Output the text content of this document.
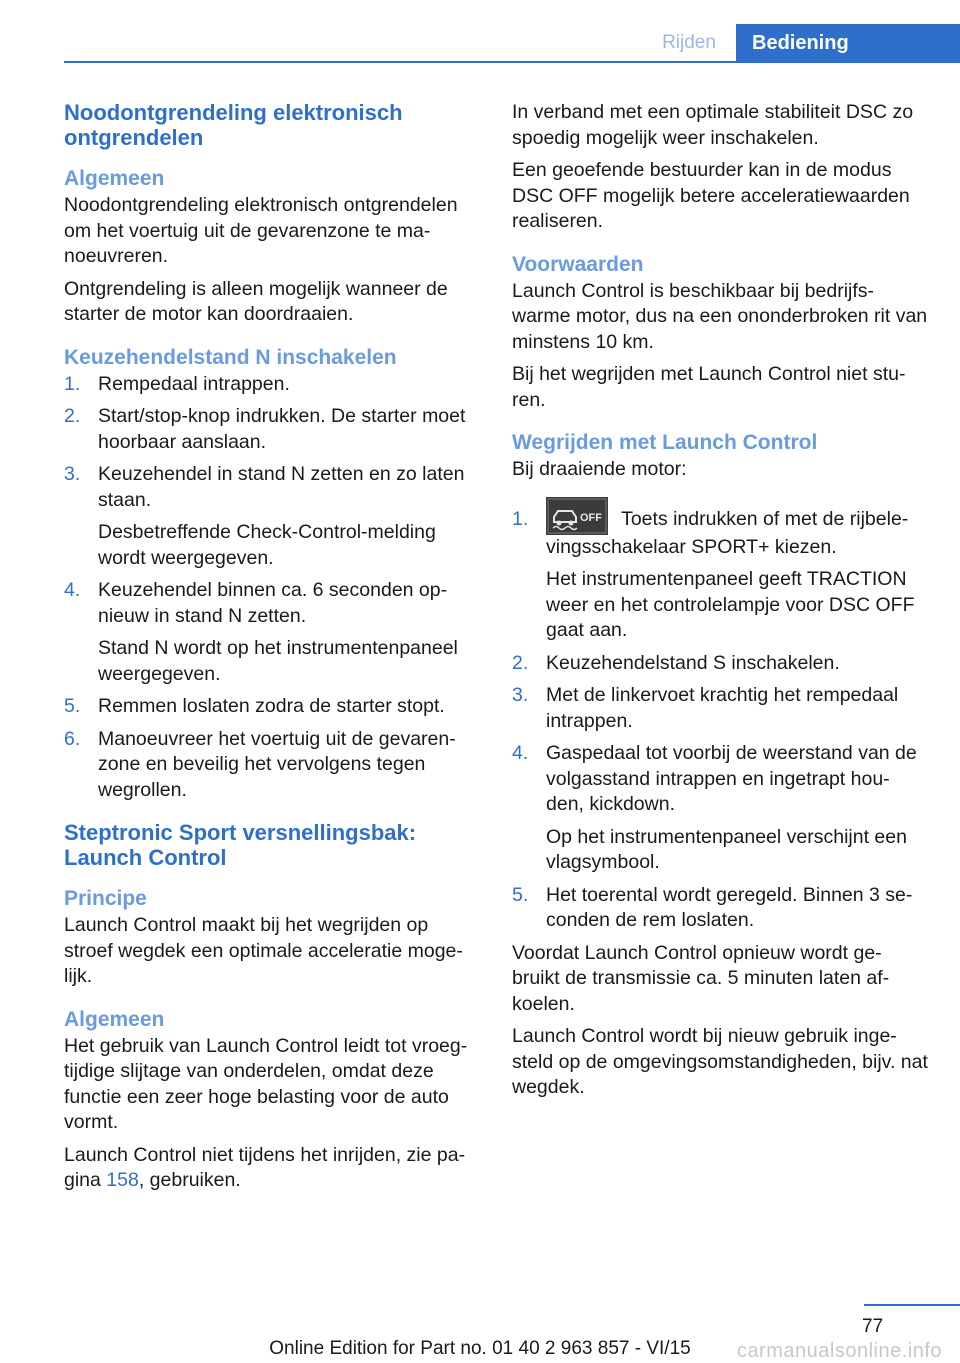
Rijden	Bediening
Noodontgrendeling elektronisch ontgrendelen
Algemeen

Noodontgrendeling elektronisch ontgrendelen om het voertuig uit de gevarenzone te ma‐ noeuvreren.

Ontgrendeling is alleen mogelijk wanneer de starter de motor kan doordraaien.

Keuzehendelstand N inschakelen
1. Rempedaal intrappen.
2. Start/stop-knop indrukken. De starter moet hoorbaar aanslaan.
3. Keuzehendel in stand N zetten en zo laten staan.
Desbetreffende Check-Control-melding wordt weergegeven.
4. Keuzehendel binnen ca. 6 seconden op‐ nieuw in stand N zetten.
Stand N wordt op het instrumentenpaneel weergegeven.
5. Remmen loslaten zodra de starter stopt.
6. Manoeuvreer het voertuig uit de gevaren‐ zone en beveilig het vervolgens tegen wegrollen.
Steptronic Sport versnellingsbak: Launch Control
Principe

Launch Control maakt bij het wegrijden op stroef wegdek een optimale acceleratie moge‐ lijk.

Algemeen

Het gebruik van Launch Control leidt tot vroeg‐ tijdige slijtage van onderdelen, omdat deze functie een zeer hoge belasting voor de auto vormt.

Launch Control niet tijdens het inrijden, zie pa‐ gina 158, gebruiken.

In verband met een optimale stabiliteit DSC zo spoedig mogelijk weer inschakelen.

Een geoefende bestuurder kan in de modus DSC OFF mogelijk betere acceleratiewaarden realiseren.

Voorwaarden

Launch Control is beschikbaar bij bedrijfs‐ warme motor, dus na een ononderbroken rit van minstens 10 km.

Bij het wegrijden met Launch Control niet stu‐ ren.

Wegrijden met Launch Control

Bij draaiende motor:

1.	OFF Toets indrukken of met de rijbele‐ vingsschakelaar SPORT+ kiezen.
Het instrumentenpaneel geeft TRACTION weer en het controlelampje voor DSC OFF gaat aan.
2. Keuzehendelstand S inschakelen.
3. Met de linkervoet krachtig het rempedaal intrappen.
4. Gaspedaal tot voorbij de weerstand van de volgasstand intrappen en ingetrapt hou‐ den, kickdown.
Op het instrumentenpaneel verschijnt een vlagsymbool.
5. Het toerental wordt geregeld. Binnen 3 se‐ conden de rem loslaten.

Voordat Launch Control opnieuw wordt ge‐ bruikt de transmissie ca. 5 minuten laten af‐ koelen.

Launch Control wordt bij nieuw gebruik inge‐ steld op de omgevingsomstandigheden, bijv. nat wegdek.

77
Online Edition for Part no. 01 40 2 963 857 - VI/15	carmanualsonline.info
